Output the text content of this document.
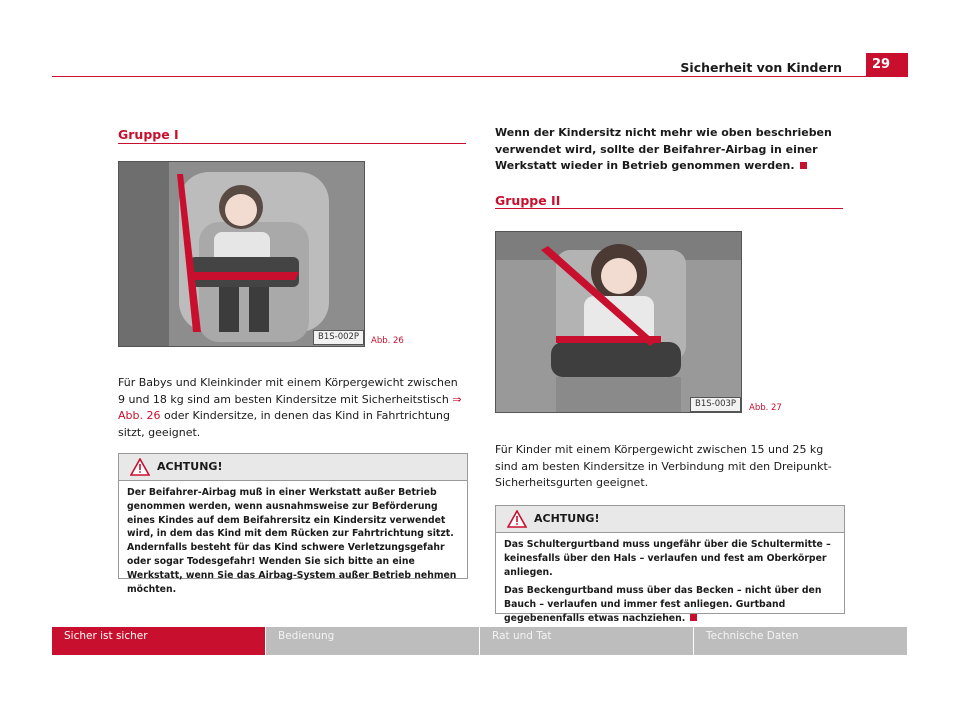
Sicherheit von Kindern	29
Gruppe I
B1S-002P	Abb. 26
Für Babys und Kleinkinder mit einem Körpergewicht zwischen 9 und 18 kg sind am besten Kindersitze mit Sicherheitstisch ⇒ Abb. 26 oder Kindersitze, in denen das Kind in Fahrtrichtung sitzt, geeignet.
ACHTUNG!

Der Beifahrer-Airbag muß in einer Werkstatt außer Betrieb genommen werden, wenn ausnahmsweise zur Beförderung eines Kindes auf dem Beifahrersitz ein Kindersitz verwendet wird, in dem das Kind mit dem Rücken zur Fahrtrichtung sitzt. Andernfalls besteht für das Kind schwere Verletzungsgefahr oder sogar Todesgefahr! Wenden Sie sich bitte an eine Werkstatt, wenn Sie das Airbag-System außer Betrieb nehmen möchten.

Wenn der Kindersitz nicht mehr wie oben beschrieben verwendet wird, sollte der Beifahrer-Airbag in einer Werkstatt wieder in Betrieb genommen werden.
Gruppe II
B1S-003P	Abb. 27
Für Kinder mit einem Körpergewicht zwischen 15 und 25 kg sind am besten Kindersitze in Verbindung mit den Dreipunkt-Sicherheitsgurten geeignet.
ACHTUNG!

Das Schultergurtband muss ungefähr über die Schultermitte – keinesfalls über den Hals – verlaufen und fest am Oberkörper anliegen.

Das Beckengurtband muss über das Becken – nicht über den Bauch – verlaufen und immer fest anliegen. Gurtband gegebenenfalls etwas nachziehen.

Sicher ist sicher	Bedienung	Rat und Tat	Technische Daten
